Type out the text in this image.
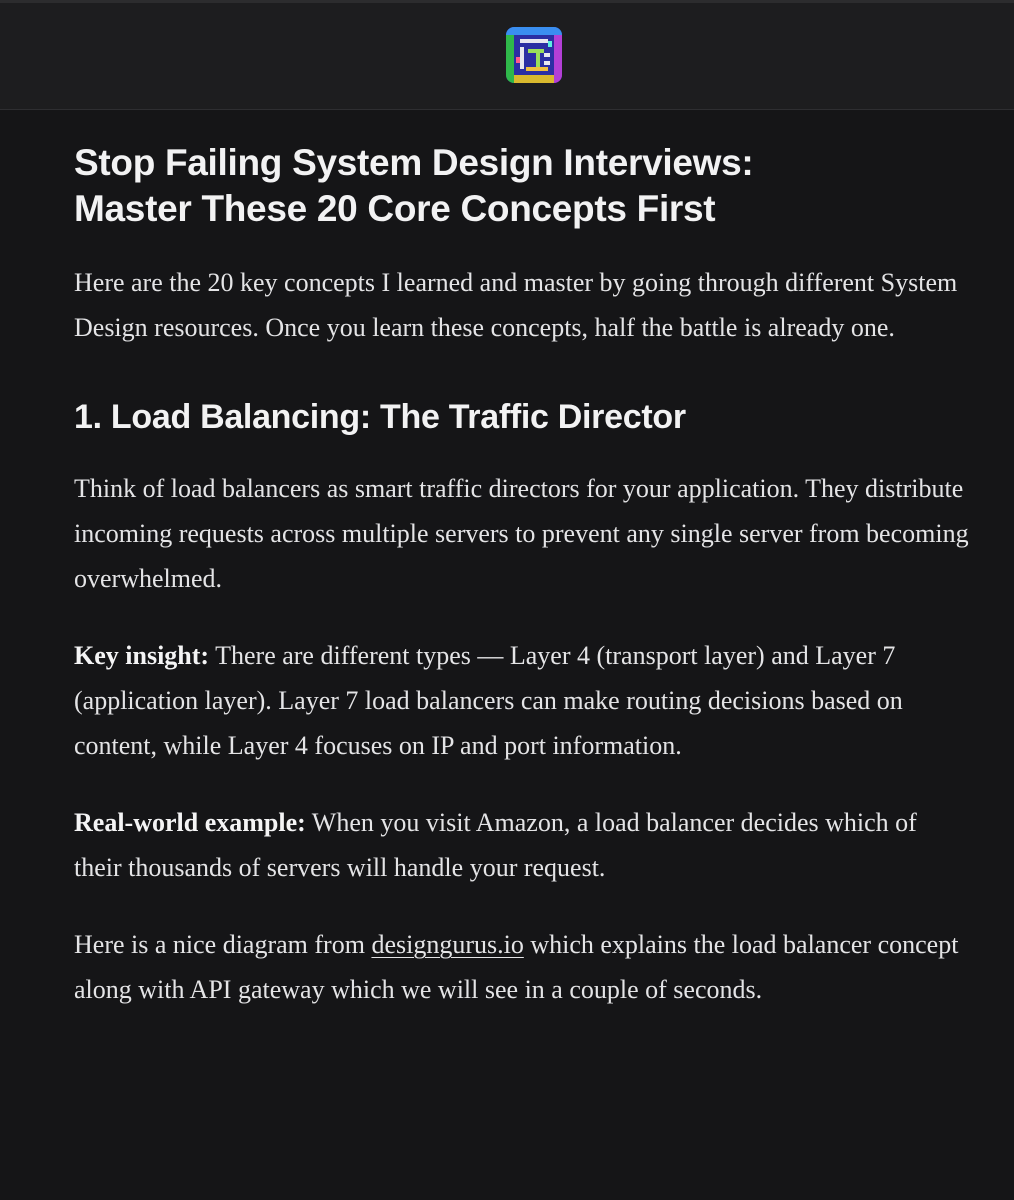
Stop Failing System Design Interviews:
Master These 20 Core Concepts First

Here are the 20 key concepts I learned and master by going through different System Design resources. Once you learn these concepts, half the battle is already one.

1. Load Balancing: The Traffic Director

Think of load balancers as smart traffic directors for your application. They distribute incoming requests across multiple servers to prevent any single server from becoming overwhelmed.

Key insight: There are different types — Layer 4 (transport layer) and Layer 7 (application layer). Layer 7 load balancers can make routing decisions based on content, while Layer 4 focuses on IP and port information.

Real-world example: When you visit Amazon, a load balancer decides which of their thousands of servers will handle your request.

Here is a nice diagram from designgurus.io which explains the load balancer concept along with API gateway which we will see in a couple of seconds.
